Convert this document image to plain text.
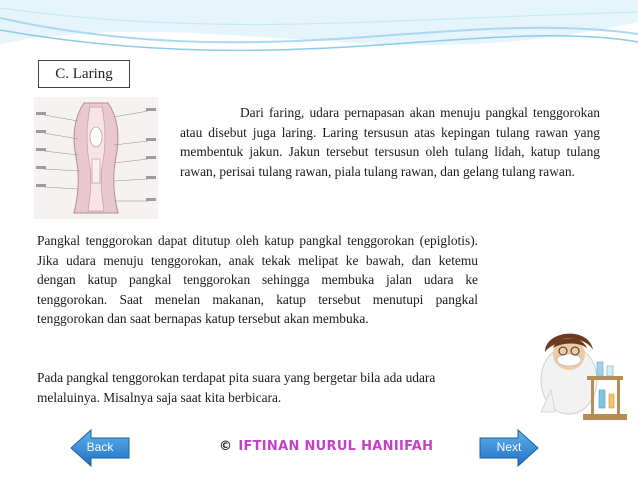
C. Laring

Dari faring, udara pernapasan akan menuju pangkal tenggorokan atau disebut juga laring. Laring tersusun atas kepingan tulang rawan yang membentuk jakun. Jakun tersebut tersusun oleh tulang lidah, katup tulang rawan, perisai tulang rawan, piala tulang rawan, dan gelang tulang rawan.

Pangkal tenggorokan dapat ditutup oleh katup pangkal tenggorokan (epiglotis). Jika udara menuju tenggorokan, anak tekak melipat ke bawah, dan ketemu dengan katup pangkal tenggorokan sehingga membuka jalan udara ke tenggorokan. Saat menelan makanan, katup tersebut menutupi pangkal tenggorokan dan saat bernapas katup tersebut akan membuka.

Pada pangkal tenggorokan terdapat pita suara yang bergetar bila ada udara melaluinya. Misalnya saja saat kita berbicara.

Back	© IFTINAN NURUL HANIIFAH	Next
